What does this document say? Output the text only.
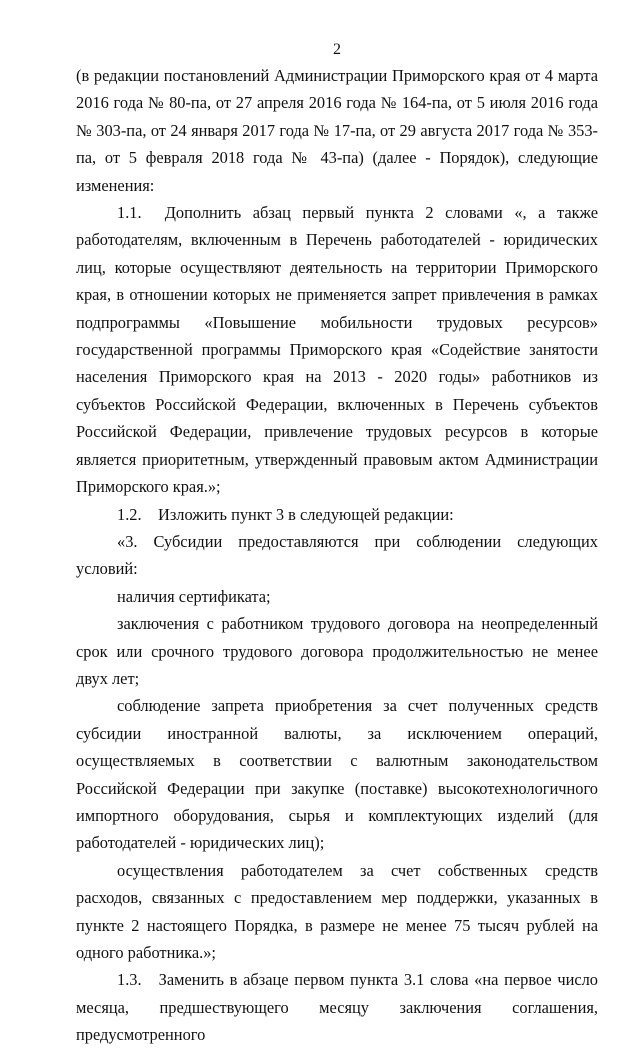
2

(в редакции постановлений Администрации Приморского края от 4 марта 2016 года № 80-па, от 27 апреля 2016 года № 164-па, от 5 июля 2016 года № 303-па, от 24 января 2017 года № 17-па, от 29 августа 2017 года № 353-па, от 5 февраля 2018 года № 43-па) (далее - Порядок), следующие изменения:

1.1.  Дополнить абзац первый пункта 2 словами «, а также работодателям, включенным в Перечень работодателей - юридических лиц, которые осуществляют деятельность на территории Приморского края, в отношении которых не применяется запрет привлечения в рамках подпрограммы «Повышение мобильности трудовых ресурсов» государственной программы Приморского края «Содействие занятости населения Приморского края на 2013 - 2020 годы» работников из субъектов Российской Федерации, включенных в Перечень субъектов Российской Федерации, привлечение трудовых ресурсов в которые является приоритетным, утвержденный правовым актом Администрации Приморского края.»;

1.2.    Изложить пункт 3 в следующей редакции:

«3. Субсидии предоставляются при соблюдении следующих условий:

наличия сертификата;

заключения с работником трудового договора на неопределенный срок или срочного трудового договора продолжительностью не менее двух лет;

соблюдение запрета приобретения за счет полученных средств субсидии иностранной валюты, за исключением операций, осуществляемых в соответствии с валютным законодательством Российской Федерации при закупке (поставке) высокотехнологичного импортного оборудования, сырья и комплектующих изделий (для работодателей - юридических лиц);

осуществления работодателем за счет собственных средств расходов, связанных с предоставлением мер поддержки, указанных в пункте 2 настоящего Порядка, в размере не менее 75 тысяч рублей на одного работника.»;

1.3.   Заменить в абзаце первом пункта 3.1 слова «на первое число месяца, предшествующего месяцу заключения соглашения, предусмотренного
